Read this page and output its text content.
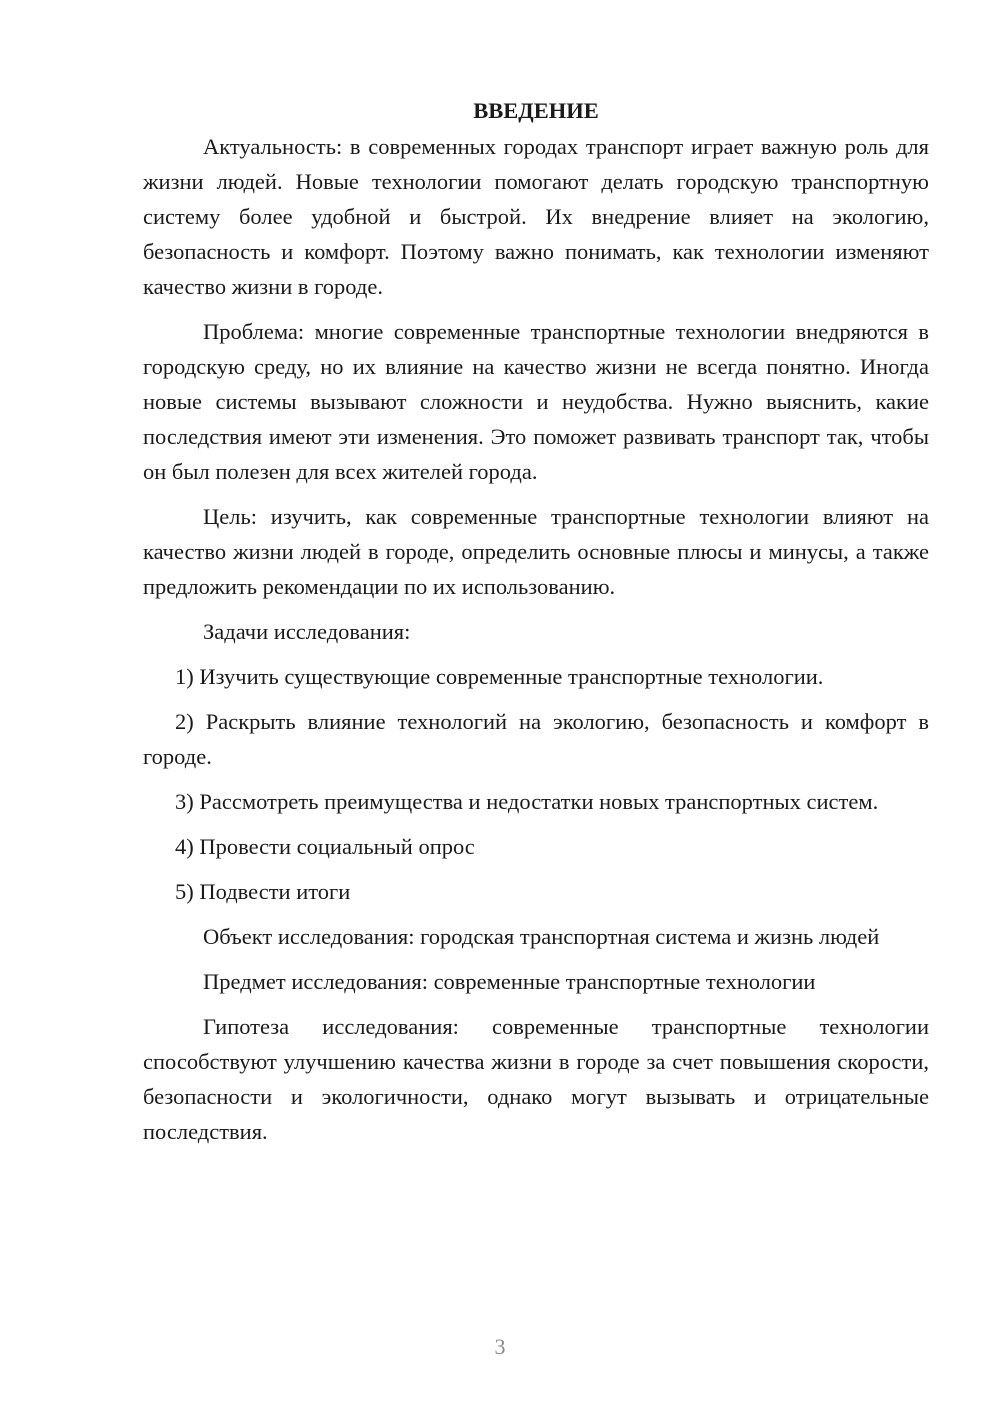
ВВЕДЕНИЕ

Актуальность: в современных городах транспорт играет важную роль для жизни людей. Новые технологии помогают делать городскую транспортную систему более удобной и быстрой. Их внедрение влияет на экологию, безопасность и комфорт. Поэтому важно понимать, как технологии изменяют качество жизни в городе.

Проблема: многие современные транспортные технологии внедряются в городскую среду, но их влияние на качество жизни не всегда понятно. Иногда новые системы вызывают сложности и неудобства. Нужно выяснить, какие последствия имеют эти изменения. Это поможет развивать транспорт так, чтобы он был полезен для всех жителей города.

Цель: изучить, как современные транспортные технологии влияют на качество жизни людей в городе, определить основные плюсы и минусы, а также предложить рекомендации по их использованию.

Задачи исследования:

1) Изучить существующие современные транспортные технологии.

2) Раскрыть влияние технологий на экологию, безопасность и комфорт в городе.

3) Рассмотреть преимущества и недостатки новых транспортных систем.

4) Провести социальный опрос

5) Подвести итоги

Объект исследования: городская транспортная система и жизнь людей

Предмет исследования: современные транспортные технологии

Гипотеза исследования: современные транспортные технологии способствуют улучшению качества жизни в городе за счет повышения скорости, безопасности и экологичности, однако могут вызывать и отрицательные последствия.

3
